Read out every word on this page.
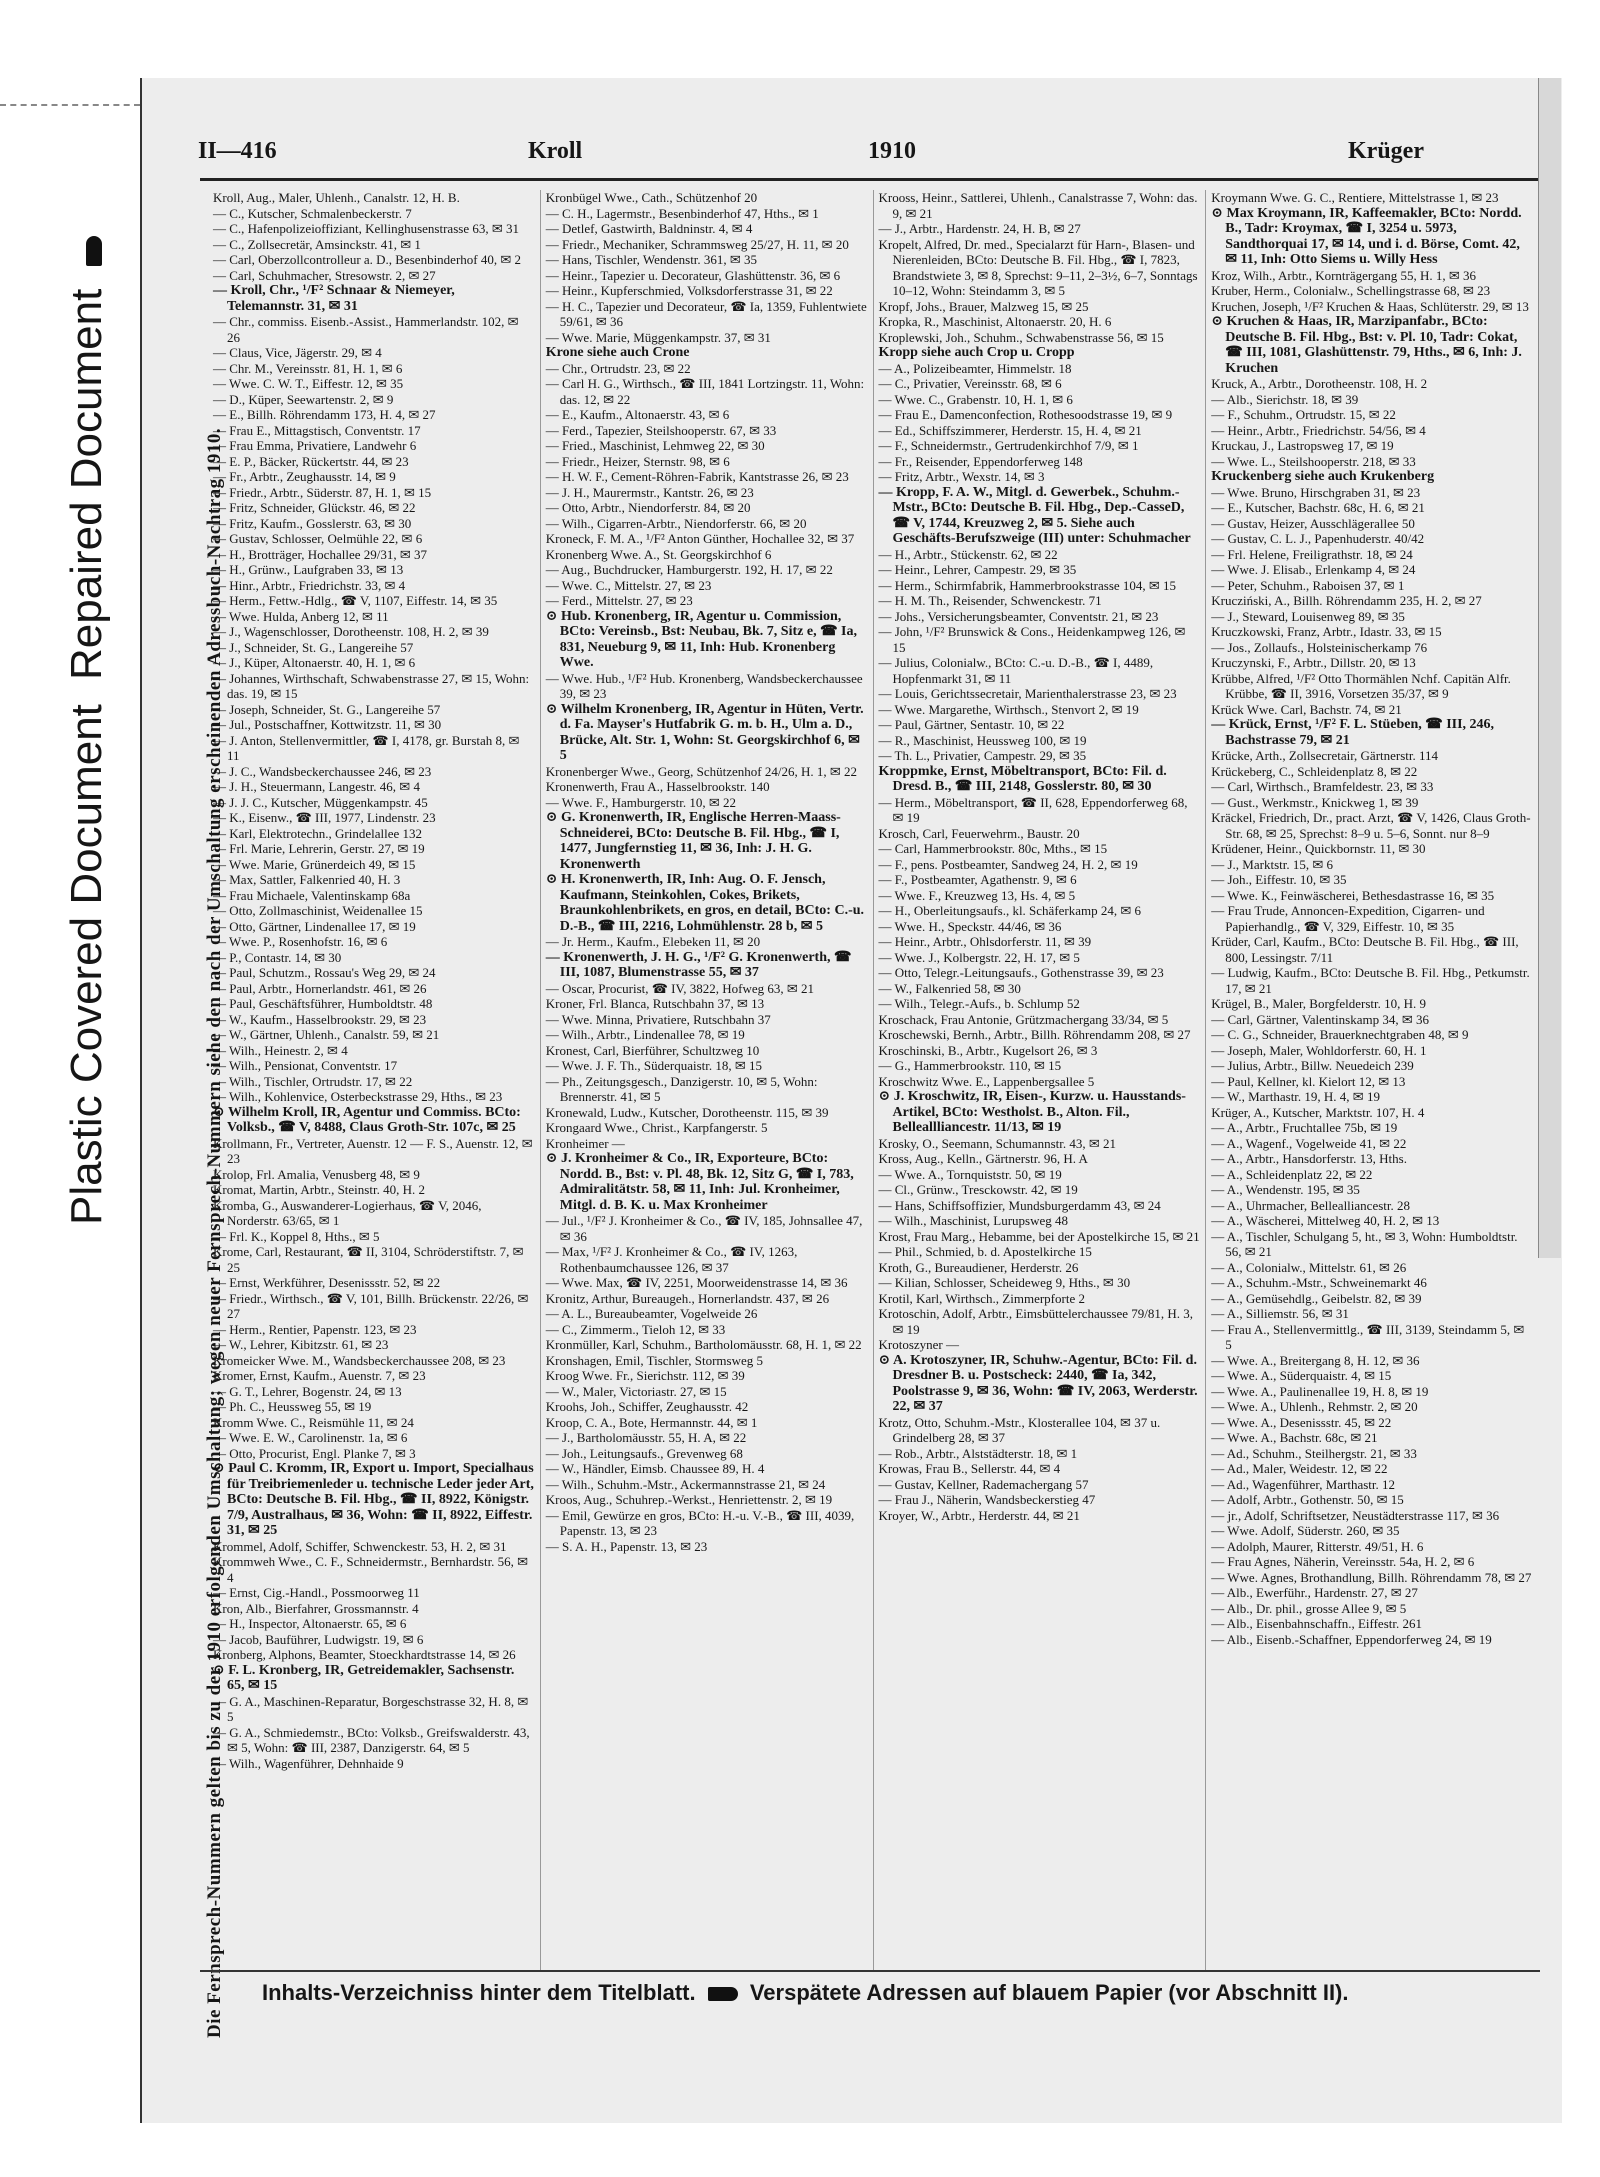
Repaired Document
Plastic Covered Document
II—416	Kroll	1910	Krüger
Die Fernsprech-Nummern gelten bis zu der 1910 erfolgenden Umschaltung; wegen neuer Fernsprech-Nummern siehe den nach der Umschaltung erscheinenden Adressbuch-Nachtrag 1910.

Kroll, Aug., Maler, Uhlenh., Canalstr. 12, H. B.

— C., Kutscher, Schmalenbeckerstr. 7

— C., Hafenpolizeioffiziant, Kellinghusenstrasse 63, ✉ 31

— C., Zollsecretär, Amsinckstr. 41, ✉ 1

— Carl, Oberzollcontrolleur a. D., Besenbinderhof 40, ✉ 2

— Carl, Schuhmacher, Stresowstr. 2, ✉ 27

— Kroll, Chr., ¹/F² Schnaar & Niemeyer, Telemannstr. 31, ✉ 31

— Chr., commiss. Eisenb.-Assist., Hammerlandstr. 102, ✉ 26

— Claus, Vice, Jägerstr. 29, ✉ 4

— Chr. M., Vereinsstr. 81, H. 1, ✉ 6

— Wwe. C. W. T., Eiffestr. 12, ✉ 35

— D., Küper, Seewartenstr. 2, ✉ 9

— E., Billh. Röhrendamm 173, H. 4, ✉ 27

— Frau E., Mittagstisch, Conventstr. 17

— Frau Emma, Privatiere, Landwehr 6

— E. P., Bäcker, Rückertstr. 44, ✉ 23

— Fr., Arbtr., Zeughausstr. 14, ✉ 9

— Friedr., Arbtr., Süderstr. 87, H. 1, ✉ 15

— Fritz, Schneider, Glückstr. 46, ✉ 22

— Fritz, Kaufm., Gosslerstr. 63, ✉ 30

— Gustav, Schlosser, Oelmühle 22, ✉ 6

— H., Brotträger, Hochallee 29/31, ✉ 37

— H., Grünw., Laufgraben 33, ✉ 13

— Hinr., Arbtr., Friedrichstr. 33, ✉ 4

— Herm., Fettw.-Hdlg., ☎ V, 1107, Eiffestr. 14, ✉ 35

— Wwe. Hulda, Anberg 12, ✉ 11

— J., Wagenschlosser, Dorotheenstr. 108, H. 2, ✉ 39

— J., Schneider, St. G., Langereihe 57

— J., Küper, Altonaerstr. 40, H. 1, ✉ 6

— Johannes, Wirthschaft, Schwabenstrasse 27, ✉ 15, Wohn: das. 19, ✉ 15

— Joseph, Schneider, St. G., Langereihe 57

— Jul., Postschaffner, Kottwitzstr. 11, ✉ 30

— J. Anton, Stellenvermittler, ☎ I, 4178, gr. Burstah 8, ✉ 11

— J. C., Wandsbeckerchaussee 246, ✉ 23

— J. H., Steuermann, Langestr. 46, ✉ 4

— J. J. C., Kutscher, Müggenkampstr. 45

— K., Eisenw., ☎ III, 1977, Lindenstr. 23

— Karl, Elektrotechn., Grindelallee 132

— Frl. Marie, Lehrerin, Gerstr. 27, ✉ 19

— Wwe. Marie, Grünerdeich 49, ✉ 15

— Max, Sattler, Falkenried 40, H. 3

— Frau Michaele, Valentinskamp 68a

— Otto, Zollmaschinist, Weidenallee 15

— Otto, Gärtner, Lindenallee 17, ✉ 19

— Wwe. P., Rosenhofstr. 16, ✉ 6

— P., Contastr. 14, ✉ 30

— Paul, Schutzm., Rossau's Weg 29, ✉ 24

— Paul, Arbtr., Hornerlandstr. 461, ✉ 26

— Paul, Geschäftsführer, Humboldtstr. 48

— W., Kaufm., Hasselbrookstr. 29, ✉ 23

— W., Gärtner, Uhlenh., Canalstr. 59, ✉ 21

— Wilh., Heinestr. 2, ✉ 4

— Wilh., Pensionat, Conventstr. 17

— Wilh., Tischler, Ortrudstr. 17, ✉ 22

— Wilh., Kohlenvice, Osterbeckstrasse 29, Hths., ✉ 23

⊙ Wilhelm Kroll, IR, Agentur und Commiss. BCto: Volksb., ☎ V, 8488, Claus Groth-Str. 107c, ✉ 25

Krollmann, Fr., Vertreter, Auenstr. 12 — F. S., Auenstr. 12, ✉ 23

Krolop, Frl. Amalia, Venusberg 48, ✉ 9

Kromat, Martin, Arbtr., Steinstr. 40, H. 2

Kromba, G., Auswanderer-Logierhaus, ☎ V, 2046, Norderstr. 63/65, ✉ 1

— Frl. K., Koppel 8, Hths., ✉ 5

Krome, Carl, Restaurant, ☎ II, 3104, Schröderstiftstr. 7, ✉ 25

— Ernst, Werkführer, Desenissstr. 52, ✉ 22

— Friedr., Wirthsch., ☎ V, 101, Billh. Brückenstr. 22/26, ✉ 27

— Herm., Rentier, Papenstr. 123, ✉ 23

— W., Lehrer, Kibitzstr. 61, ✉ 23

Kromeicker Wwe. M., Wandsbeckerchaussee 208, ✉ 23

Kromer, Ernst, Kaufm., Auenstr. 7, ✉ 23

— G. T., Lehrer, Bogenstr. 24, ✉ 13

— Ph. C., Heussweg 55, ✉ 19

Kromm Wwe. C., Reismühle 11, ✉ 24

— Wwe. E. W., Carolinenstr. 1a, ✉ 6

— Otto, Procurist, Engl. Planke 7, ✉ 3

⊙ Paul C. Kromm, IR, Export u. Import, Specialhaus für Treibriemenleder u. technische Leder jeder Art, BCto: Deutsche B. Fil. Hbg., ☎ II, 8922, Königstr. 7/9, Australhaus, ✉ 36, Wohn: ☎ II, 8922, Eiffestr. 31, ✉ 25

Krommel, Adolf, Schiffer, Schwenckestr. 53, H. 2, ✉ 31

Krommweh Wwe., C. F., Schneidermstr., Bernhardstr. 56, ✉ 4

— Ernst, Cig.-Handl., Possmoorweg 11

Kron, Alb., Bierfahrer, Grossmannstr. 4

— H., Inspector, Altonaerstr. 65, ✉ 6

— Jacob, Bauführer, Ludwigstr. 19, ✉ 6

Kronberg, Alphons, Beamter, Stoeckhardtstrasse 14, ✉ 26

⊙ F. L. Kronberg, IR, Getreidemakler, Sachsenstr. 65, ✉ 15

— G. A., Maschinen-Reparatur, Borgeschstrasse 32, H. 8, ✉ 5

— G. A., Schmiedemstr., BCto: Volksb., Greifswalderstr. 43, ✉ 5, Wohn: ☎ III, 2387, Danzigerstr. 64, ✉ 5

— Wilh., Wagenführer, Dehnhaide 9

Kronbügel Wwe., Cath., Schützenhof 20

— C. H., Lagermstr., Besenbinderhof 47, Hths., ✉ 1

— Detlef, Gastwirth, Baldninstr. 4, ✉ 4

— Friedr., Mechaniker, Schrammsweg 25/27, H. 11, ✉ 20

— Hans, Tischler, Wendenstr. 361, ✉ 35

— Heinr., Tapezier u. Decorateur, Glashüttenstr. 36, ✉ 6

— Heinr., Kupferschmied, Volksdorferstrasse 31, ✉ 22

— H. C., Tapezier und Decorateur, ☎ Ia, 1359, Fuhlentwiete 59/61, ✉ 36

— Wwe. Marie, Müggenkampstr. 37, ✉ 31

Krone siehe auch Crone

— Chr., Ortrudstr. 23, ✉ 22

— Carl H. G., Wirthsch., ☎ III, 1841 Lortzingstr. 11, Wohn: das. 12, ✉ 22

— E., Kaufm., Altonaerstr. 43, ✉ 6

— Ferd., Tapezier, Steilshooperstr. 67, ✉ 33

— Fried., Maschinist, Lehmweg 22, ✉ 30

— Friedr., Heizer, Sternstr. 98, ✉ 6

— H. W. F., Cement-Röhren-Fabrik, Kantstrasse 26, ✉ 23

— J. H., Maurermstr., Kantstr. 26, ✉ 23

— Otto, Arbtr., Niendorferstr. 84, ✉ 20

— Wilh., Cigarren-Arbtr., Niendorferstr. 66, ✉ 20

Kroneck, F. M. A., ¹/F² Anton Günther, Hochallee 32, ✉ 37

Kronenberg Wwe. A., St. Georgskirchhof 6

— Aug., Buchdrucker, Hamburgerstr. 192, H. 17, ✉ 22

— Wwe. C., Mittelstr. 27, ✉ 23

— Ferd., Mittelstr. 27, ✉ 23

⊙ Hub. Kronenberg, IR, Agentur u. Commission, BCto: Vereinsb., Bst: Neubau, Bk. 7, Sitz e, ☎ Ia, 831, Neueburg 9, ✉ 11, Inh: Hub. Kronenberg Wwe.

— Wwe. Hub., ¹/F² Hub. Kronenberg, Wandsbeckerchaussee 39, ✉ 23

⊙ Wilhelm Kronenberg, IR, Agentur in Hüten, Vertr. d. Fa. Mayser's Hutfabrik G. m. b. H., Ulm a. D., Brücke, Alt. Str. 1, Wohn: St. Georgskirchhof 6, ✉ 5

Kronenberger Wwe., Georg, Schützenhof 24/26, H. 1, ✉ 22

Kronenwerth, Frau A., Hasselbrookstr. 140

— Wwe. F., Hamburgerstr. 10, ✉ 22

⊙ G. Kronenwerth, IR, Englische Herren-Maass-Schneiderei, BCto: Deutsche B. Fil. Hbg., ☎ I, 1477, Jungfernstieg 11, ✉ 36, Inh: J. H. G. Kronenwerth

⊙ H. Kronenwerth, IR, Inh: Aug. O. F. Jensch, Kaufmann, Steinkohlen, Cokes, Brikets, Braunkohlenbrikets, en gros, en detail, BCto: C.-u. D.-B., ☎ III, 2216, Lohmühlenstr. 28 b, ✉ 5

— Jr. Herm., Kaufm., Elebeken 11, ✉ 20

— Kronenwerth, J. H. G., ¹/F² G. Kronenwerth, ☎ III, 1087, Blumenstrasse 55, ✉ 37

— Oscar, Procurist, ☎ IV, 3822, Hofweg 63, ✉ 21

Kroner, Frl. Blanca, Rutschbahn 37, ✉ 13

— Wwe. Minna, Privatiere, Rutschbahn 37

— Wilh., Arbtr., Lindenallee 78, ✉ 19

Kronest, Carl, Bierführer, Schultzweg 10

— Wwe. J. F. Th., Süderquaistr. 18, ✉ 15

— Ph., Zeitungsgesch., Danzigerstr. 10, ✉ 5, Wohn: Brennerstr. 41, ✉ 5

Kronewald, Ludw., Kutscher, Dorotheenstr. 115, ✉ 39

Krongaard Wwe., Christ., Karpfangerstr. 5

Kronheimer —

⊙ J. Kronheimer & Co., IR, Exporteure, BCto: Nordd. B., Bst: v. Pl. 48, Bk. 12, Sitz G, ☎ I, 783, Admiralitätstr. 58, ✉ 11, Inh: Jul. Kronheimer, Mitgl. d. B. K. u. Max Kronheimer

— Jul., ¹/F² J. Kronheimer & Co., ☎ IV, 185, Johnsallee 47, ✉ 36

— Max, ¹/F² J. Kronheimer & Co., ☎ IV, 1263, Rothenbaumchaussee 126, ✉ 37

— Wwe. Max, ☎ IV, 2251, Moorweidenstrasse 14, ✉ 36

Kronitz, Arthur, Bureaugeh., Hornerlandstr. 437, ✉ 26

— A. L., Bureaubeamter, Vogelweide 26

— C., Zimmerm., Tieloh 12, ✉ 33

Kronmüller, Karl, Schuhm., Bartholomäusstr. 68, H. 1, ✉ 22

Kronshagen, Emil, Tischler, Stormsweg 5

Kroog Wwe. Fr., Sierichstr. 112, ✉ 39

— W., Maler, Victoriastr. 27, ✉ 15

Kroohs, Joh., Schiffer, Zeughausstr. 42

Kroop, C. A., Bote, Hermannstr. 44, ✉ 1

— J., Bartholomäusstr. 55, H. A, ✉ 22

— Joh., Leitungsaufs., Grevenweg 68

— W., Händler, Eimsb. Chaussee 89, H. 4

— Wilh., Schuhm.-Mstr., Ackermannstrasse 21, ✉ 24

Kroos, Aug., Schuhrep.-Werkst., Henriettenstr. 2, ✉ 19

— Emil, Gewürze en gros, BCto: H.-u. V.-B., ☎ III, 4039, Papenstr. 13, ✉ 23

— S. A. H., Papenstr. 13, ✉ 23

Krooss, Heinr., Sattlerei, Uhlenh., Canalstrasse 7, Wohn: das. 9, ✉ 21

— J., Arbtr., Hardenstr. 24, H. B, ✉ 27

Kropelt, Alfred, Dr. med., Specialarzt für Harn-, Blasen- und Nierenleiden, BCto: Deutsche B. Fil. Hbg., ☎ I, 7823, Brandstwiete 3, ✉ 8, Sprechst: 9–11, 2–3½, 6–7, Sonntags 10–12, Wohn: Steindamm 3, ✉ 5

Kropf, Johs., Brauer, Malzweg 15, ✉ 25

Kropka, R., Maschinist, Altonaerstr. 20, H. 6

Kroplewski, Joh., Schuhm., Schwabenstrasse 56, ✉ 15

Kropp siehe auch Crop u. Cropp

— A., Polizeibeamter, Himmelstr. 18

— C., Privatier, Vereinsstr. 68, ✉ 6

— Wwe. C., Grabenstr. 10, H. 1, ✉ 6

— Frau E., Damenconfection, Rothesoodstrasse 19, ✉ 9

— Ed., Schiffszimmerer, Herderstr. 15, H. 4, ✉ 21

— F., Schneidermstr., Gertrudenkirchhof 7/9, ✉ 1

— Fr., Reisender, Eppendorferweg 148

— Fritz, Arbtr., Wexstr. 14, ✉ 3

— Kropp, F. A. W., Mitgl. d. Gewerbek., Schuhm.-Mstr., BCto: Deutsche B. Fil. Hbg., Dep.-CasseD, ☎ V, 1744, Kreuzweg 2, ✉ 5. Siehe auch Geschäfts-Berufszweige (III) unter: Schuhmacher

— H., Arbtr., Stückenstr. 62, ✉ 22

— Heinr., Lehrer, Campestr. 29, ✉ 35

— Herm., Schirmfabrik, Hammerbrookstrasse 104, ✉ 15

— H. M. Th., Reisender, Schwenckestr. 71

— Johs., Versicherungsbeamter, Conventstr. 21, ✉ 23

— John, ¹/F² Brunswick & Cons., Heidenkampweg 126, ✉ 15

— Julius, Colonialw., BCto: C.-u. D.-B., ☎ I, 4489, Hopfenmarkt 31, ✉ 11

— Louis, Gerichtssecretair, Marienthalerstrasse 23, ✉ 23

— Wwe. Margarethe, Wirthsch., Stenvort 2, ✉ 19

— Paul, Gärtner, Sentastr. 10, ✉ 22

— R., Maschinist, Heussweg 100, ✉ 19

— Th. L., Privatier, Campestr. 29, ✉ 35

Kroppmke, Ernst, Möbeltransport, BCto: Fil. d. Dresd. B., ☎ III, 2148, Gosslerstr. 80, ✉ 30

— Herm., Möbeltransport, ☎ II, 628, Eppendorferweg 68, ✉ 19

Krosch, Carl, Feuerwehrm., Baustr. 20

— Carl, Hammerbrookstr. 80c, Mths., ✉ 15

— F., pens. Postbeamter, Sandweg 24, H. 2, ✉ 19

— F., Postbeamter, Agathenstr. 9, ✉ 6

— Wwe. F., Kreuzweg 13, Hs. 4, ✉ 5

— H., Oberleitungsaufs., kl. Schäferkamp 24, ✉ 6

— Wwe. H., Speckstr. 44/46, ✉ 36

— Heinr., Arbtr., Ohlsdorferstr. 11, ✉ 39

— Wwe. J., Kolbergstr. 22, H. 17, ✉ 5

— Otto, Telegr.-Leitungsaufs., Gothenstrasse 39, ✉ 23

— W., Falkenried 58, ✉ 30

— Wilh., Telegr.-Aufs., b. Schlump 52

Kroschack, Frau Antonie, Grützmachergang 33/34, ✉ 5

Kroschewski, Bernh., Arbtr., Billh. Röhrendamm 208, ✉ 27

Kroschinski, B., Arbtr., Kugelsort 26, ✉ 3

— G., Hammerbrookstr. 110, ✉ 15

Kroschwitz Wwe. E., Lappenbergsallee 5

⊙ J. Kroschwitz, IR, Eisen-, Kurzw. u. Hausstands-Artikel, BCto: Westholst. B., Alton. Fil., Belleallliancestr. 11/13, ✉ 19

Krosky, O., Seemann, Schumannstr. 43, ✉ 21

Kross, Aug., Kelln., Gärtnerstr. 96, H. A

— Wwe. A., Tornquiststr. 50, ✉ 19

— Cl., Grünw., Tresckowstr. 42, ✉ 19

— Hans, Schiffsoffizier, Mundsburgerdamm 43, ✉ 24

— Wilh., Maschinist, Lurupsweg 48

Krost, Frau Marg., Hebamme, bei der Apostelkirche 15, ✉ 21

— Phil., Schmied, b. d. Apostelkirche 15

Kroth, G., Bureaudiener, Herderstr. 26

— Kilian, Schlosser, Scheideweg 9, Hths., ✉ 30

Krotil, Karl, Wirthsch., Zimmerpforte 2

Krotoschin, Adolf, Arbtr., Eimsbüttelerchaussee 79/81, H. 3, ✉ 19

Krotoszyner —

⊙ A. Krotoszyner, IR, Schuhw.-Agentur, BCto: Fil. d. Dresdner B. u. Postscheck: 2440, ☎ Ia, 342, Poolstrasse 9, ✉ 36, Wohn: ☎ IV, 2063, Werderstr. 22, ✉ 37

Krotz, Otto, Schuhm.-Mstr., Klosterallee 104, ✉ 37 u. Grindelberg 28, ✉ 37

— Rob., Arbtr., Alststädterstr. 18, ✉ 1

Krowas, Frau B., Sellerstr. 44, ✉ 4

— Gustav, Kellner, Rademachergang 57

— Frau J., Näherin, Wandsbeckerstieg 47

Kroyer, W., Arbtr., Herderstr. 44, ✉ 21

Kroymann Wwe. G. C., Rentiere, Mittelstrasse 1, ✉ 23

⊙ Max Kroymann, IR, Kaffeemakler, BCto: Nordd. B., Tadr: Kroymax, ☎ I, 3254 u. 5973, Sandthorquai 17, ✉ 14, und i. d. Börse, Comt. 42, ✉ 11, Inh: Otto Siems u. Willy Hess

Kroz, Wilh., Arbtr., Kornträgergang 55, H. 1, ✉ 36

Kruber, Herm., Colonialw., Schellingstrasse 68, ✉ 23

Kruchen, Joseph, ¹/F² Kruchen & Haas, Schlüterstr. 29, ✉ 13

⊙ Kruchen & Haas, IR, Marzipanfabr., BCto: Deutsche B. Fil. Hbg., Bst: v. Pl. 10, Tadr: Cokat, ☎ III, 1081, Glashüttenstr. 79, Hths., ✉ 6, Inh: J. Kruchen

Kruck, A., Arbtr., Dorotheenstr. 108, H. 2

— Alb., Sierichstr. 18, ✉ 39

— F., Schuhm., Ortrudstr. 15, ✉ 22

— Heinr., Arbtr., Friedrichstr. 54/56, ✉ 4

Kruckau, J., Lastropsweg 17, ✉ 19

— Wwe. L., Steilshooperstr. 218, ✉ 33

Kruckenberg siehe auch Krukenberg

— Wwe. Bruno, Hirschgraben 31, ✉ 23

— E., Kutscher, Bachstr. 68c, H. 6, ✉ 21

— Gustav, Heizer, Ausschlägerallee 50

— Gustav, C. L. J., Papenhuderstr. 40/42

— Frl. Helene, Freiligrathstr. 18, ✉ 24

— Wwe. J. Elisab., Erlenkamp 4, ✉ 24

— Peter, Schuhm., Raboisen 37, ✉ 1

Krucziński, A., Billh. Röhrendamm 235, H. 2, ✉ 27

— J., Steward, Louisenweg 89, ✉ 35

Kruczkowski, Franz, Arbtr., Idastr. 33, ✉ 15

— Jos., Zollaufs., Holsteinischerkamp 76

Kruczynski, F., Arbtr., Dillstr. 20, ✉ 13

Krübbe, Alfred, ¹/F² Otto Thormählen Nchf. Capitän Alfr. Krübbe, ☎ II, 3916, Vorsetzen 35/37, ✉ 9

Krück Wwe. Carl, Bachstr. 74, ✉ 21

— Krück, Ernst, ¹/F² F. L. Stüeben, ☎ III, 246, Bachstrasse 79, ✉ 21

Krücke, Arth., Zollsecretair, Gärtnerstr. 114

Krückeberg, C., Schleidenplatz 8, ✉ 22

— Carl, Wirthsch., Bramfeldestr. 23, ✉ 33

— Gust., Werkmstr., Knickweg 1, ✉ 39

Kräckel, Friedrich, Dr., pract. Arzt, ☎ V, 1426, Claus Groth-Str. 68, ✉ 25, Sprechst: 8–9 u. 5–6, Sonnt. nur 8–9

Krüdener, Heinr., Quickbornstr. 11, ✉ 30

— J., Marktstr. 15, ✉ 6

— Joh., Eiffestr. 10, ✉ 35

— Wwe. K., Feinwäscherei, Bethesdastrasse 16, ✉ 35

— Frau Trude, Annoncen-Expedition, Cigarren- und Papierhandlg., ☎ V, 329, Eiffestr. 10, ✉ 35

Krüder, Carl, Kaufm., BCto: Deutsche B. Fil. Hbg., ☎ III, 800, Lessingstr. 7/11

— Ludwig, Kaufm., BCto: Deutsche B. Fil. Hbg., Petkumstr. 17, ✉ 21

Krügel, B., Maler, Borgfelderstr. 10, H. 9

— Carl, Gärtner, Valentinskamp 34, ✉ 36

— C. G., Schneider, Brauerknechtgraben 48, ✉ 9

— Joseph, Maler, Wohldorferstr. 60, H. 1

— Julius, Arbtr., Billw. Neuedeich 239

— Paul, Kellner, kl. Kielort 12, ✉ 13

— W., Marthastr. 19, H. 4, ✉ 19

Krüger, A., Kutscher, Marktstr. 107, H. 4

— A., Arbtr., Fruchtallee 75b, ✉ 19

— A., Wagenf., Vogelweide 41, ✉ 22

— A., Arbtr., Hansdorferstr. 13, Hths.

— A., Schleidenplatz 22, ✉ 22

— A., Wendenstr. 195, ✉ 35

— A., Uhrmacher, Bellealliancestr. 28

— A., Wäscherei, Mittelweg 40, H. 2, ✉ 13

— A., Tischler, Schulgang 5, ht., ✉ 3, Wohn: Humboldtstr. 56, ✉ 21

— A., Colonialw., Mittelstr. 61, ✉ 26

— A., Schuhm.-Mstr., Schweinemarkt 46

— A., Gemüsehdlg., Geibelstr. 82, ✉ 39

— A., Silliemstr. 56, ✉ 31

— Frau A., Stellenvermittlg., ☎ III, 3139, Steindamm 5, ✉ 5

— Wwe. A., Breitergang 8, H. 12, ✉ 36

— Wwe. A., Süderquaistr. 4, ✉ 15

— Wwe. A., Paulinenallee 19, H. 8, ✉ 19

— Wwe. A., Uhlenh., Rehmstr. 2, ✉ 20

— Wwe. A., Desenissstr. 45, ✉ 22

— Wwe. A., Bachstr. 68c, ✉ 21

— Ad., Schuhm., Steilhergstr. 21, ✉ 33

— Ad., Maler, Weidestr. 12, ✉ 22

— Ad., Wagenführer, Marthastr. 12

— Adolf, Arbtr., Gothenstr. 50, ✉ 15

— jr., Adolf, Schriftsetzer, Neustädterstrasse 117, ✉ 36

— Wwe. Adolf, Süderstr. 260, ✉ 35

— Adolph, Maurer, Ritterstr. 49/51, H. 6

— Frau Agnes, Näherin, Vereinsstr. 54a, H. 2, ✉ 6

— Wwe. Agnes, Brothandlung, Billh. Röhrendamm 78, ✉ 27

— Alb., Ewerführ., Hardenstr. 27, ✉ 27

— Alb., Dr. phil., grosse Allee 9, ✉ 5

— Alb., Eisenbahnschaffn., Eiffestr. 261

— Alb., Eisenb.-Schaffner, Eppendorferweg 24, ✉ 19

Inhalts-Verzeichniss hinter dem Titelblatt. Verspätete Adressen auf blauem Papier (vor Abschnitt II).
